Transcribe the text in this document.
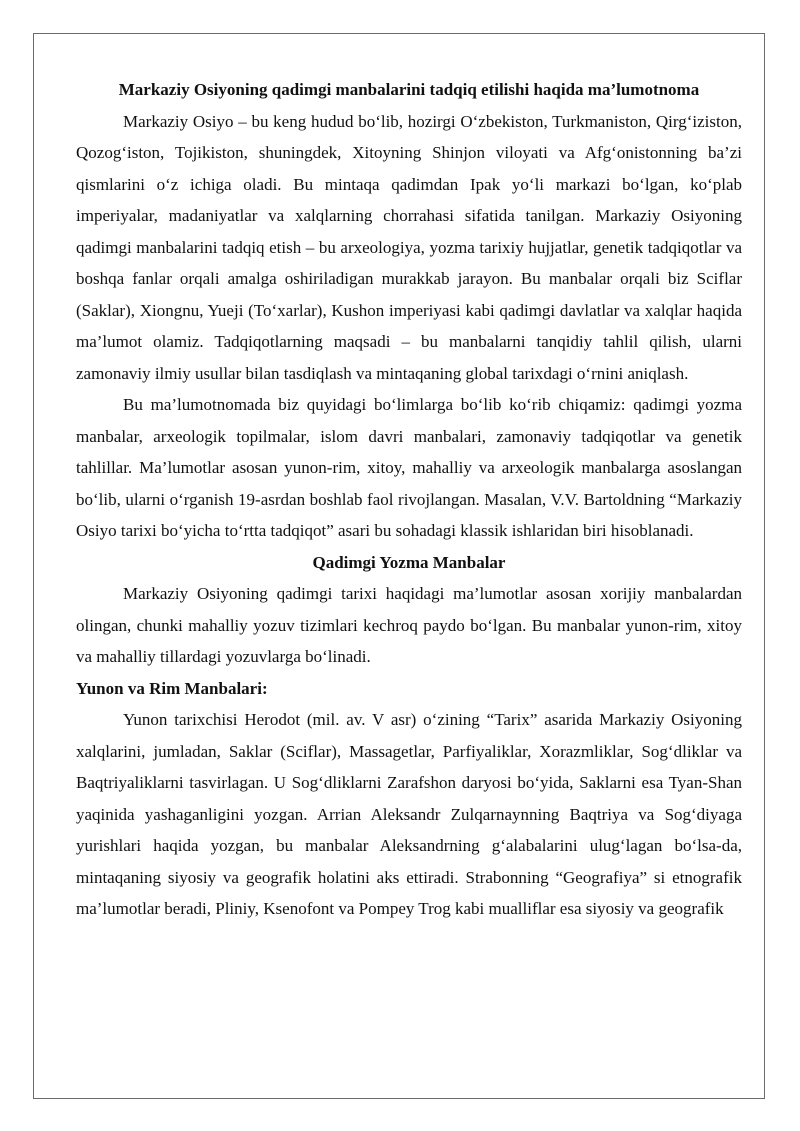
Markaziy Osiyoning qadimgi manbalarini tadqiq etilishi haqida ma’lumotnoma

Markaziy Osiyo – bu keng hudud bo‘lib, hozirgi O‘zbekiston, Turkmaniston, Qirg‘iziston, Qozog‘iston, Tojikiston, shuningdek, Xitoyning Shinjon viloyati va Afg‘onistonning ba’zi qismlarini o‘z ichiga oladi. Bu mintaqa qadimdan Ipak yo‘li markazi bo‘lgan, ko‘plab imperiyalar, madaniyatlar va xalqlarning chorrahasi sifatida tanilgan. Markaziy Osiyoning qadimgi manbalarini tadqiq etish – bu arxeologiya, yozma tarixiy hujjatlar, genetik tadqiqotlar va boshqa fanlar orqali amalga oshiriladigan murakkab jarayon. Bu manbalar orqali biz Sciflar (Saklar), Xiongnu, Yueji (To‘xarlar), Kushon imperiyasi kabi qadimgi davlatlar va xalqlar haqida ma’lumot olamiz. Tadqiqotlarning maqsadi – bu manbalarni tanqidiy tahlil qilish, ularni zamonaviy ilmiy usullar bilan tasdiqlash va mintaqaning global tarixdagi o‘rnini aniqlash.

Bu ma’lumotnomada biz quyidagi bo‘limlarga bo‘lib ko‘rib chiqamiz: qadimgi yozma manbalar, arxeologik topilmalar, islom davri manbalari, zamonaviy tadqiqotlar va genetik tahlillar. Ma’lumotlar asosan yunon-rim, xitoy, mahalliy va arxeologik manbalarga asoslangan bo‘lib, ularni o‘rganish 19-asrdan boshlab faol rivojlangan. Masalan, V.V. Bartoldning “Markaziy Osiyo tarixi bo‘yicha to‘rtta tadqiqot” asari bu sohadagi klassik ishlaridan biri hisoblanadi.

Qadimgi Yozma Manbalar

Markaziy Osiyoning qadimgi tarixi haqidagi ma’lumotlar asosan xorijiy manbalardan olingan, chunki mahalliy yozuv tizimlari kechroq paydo bo‘lgan. Bu manbalar yunon-rim, xitoy va mahalliy tillardagi yozuvlarga bo‘linadi.

Yunon va Rim Manbalari:

Yunon tarixchisi Herodot (mil. av. V asr) o‘zining “Tarix” asarida Markaziy Osiyoning xalqlarini, jumladan, Saklar (Sciflar), Massagetlar, Parfiyaliklar, Xorazmliklar, Sog‘dliklar va Baqtriyaliklarni tasvirlagan. U Sog‘dliklarni Zarafshon daryosi bo‘yida, Saklarni esa Tyan-Shan yaqinida yashaganligini yozgan. Arrian Aleksandr Zulqarnaynning Baqtriya va Sog‘diyaga yurishlari haqida yozgan, bu manbalar Aleksandrning g‘alabalarini ulug‘lagan bo‘lsa-da, mintaqaning siyosiy va geografik holatini aks ettiradi. Strabonning “Geografiya” si etnografik ma’lumotlar beradi, Pliniy, Ksenofont va Pompey Trog kabi mualliflar esa siyosiy va geografik
